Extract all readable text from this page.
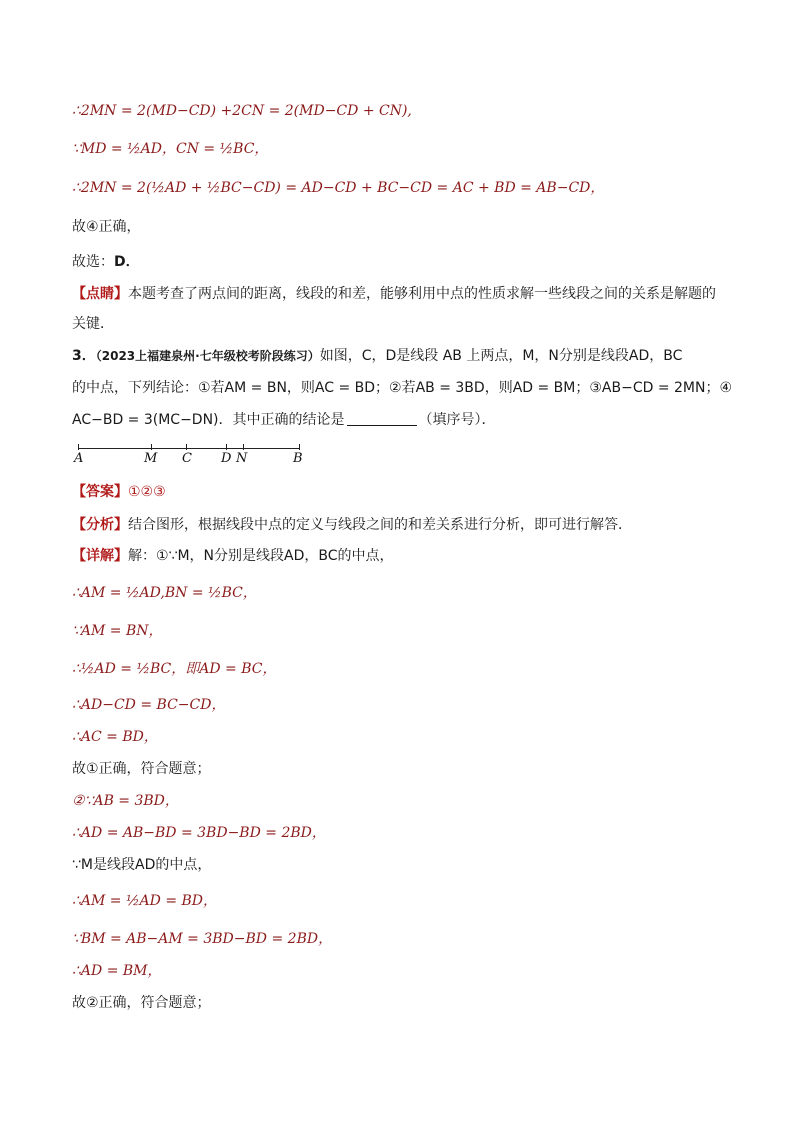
∴2MN = 2(MD−CD) +2CN = 2(MD−CD + CN),
∵MD = ½AD，CN = ½BC，
∴2MN = 2(½AD + ½BC−CD) = AD−CD + BC−CD = AC + BD = AB−CD，
故④正确，
故选：D．
【点睛】本题考查了两点间的距离，线段的和差，能够利用中点的性质求解一些线段之间的关系是解题的
关键．
3．（2023上福建泉州·七年级校考阶段练习）如图，C，D是线段 AB 上两点，M，N分别是线段AD，BC
的中点，下列结论：①若AM = BN，则AC = BD；②若AB = 3BD，则AD = BM；③AB−CD = 2MN；④
AC−BD = 3(MC−DN)．其中正确的结论是	（填序号）．
A	M C D N	B
【答案】①②③
【分析】结合图形，根据线段中点的定义与线段之间的和差关系进行分析，即可进行解答．
【详解】解：①∵M，N分别是线段AD，BC的中点，
∴AM = ½AD,BN = ½BC，
∵AM = BN，
∴½AD = ½BC，即AD = BC，
∴AD−CD = BC−CD，
∴AC = BD，
故①正确，符合题意；
②∵AB = 3BD，
∴AD = AB−BD = 3BD−BD = 2BD，
∵M是线段AD的中点，
∴AM = ½AD = BD，
∵BM = AB−AM = 3BD−BD = 2BD，
∴AD = BM，
故②正确，符合题意；
